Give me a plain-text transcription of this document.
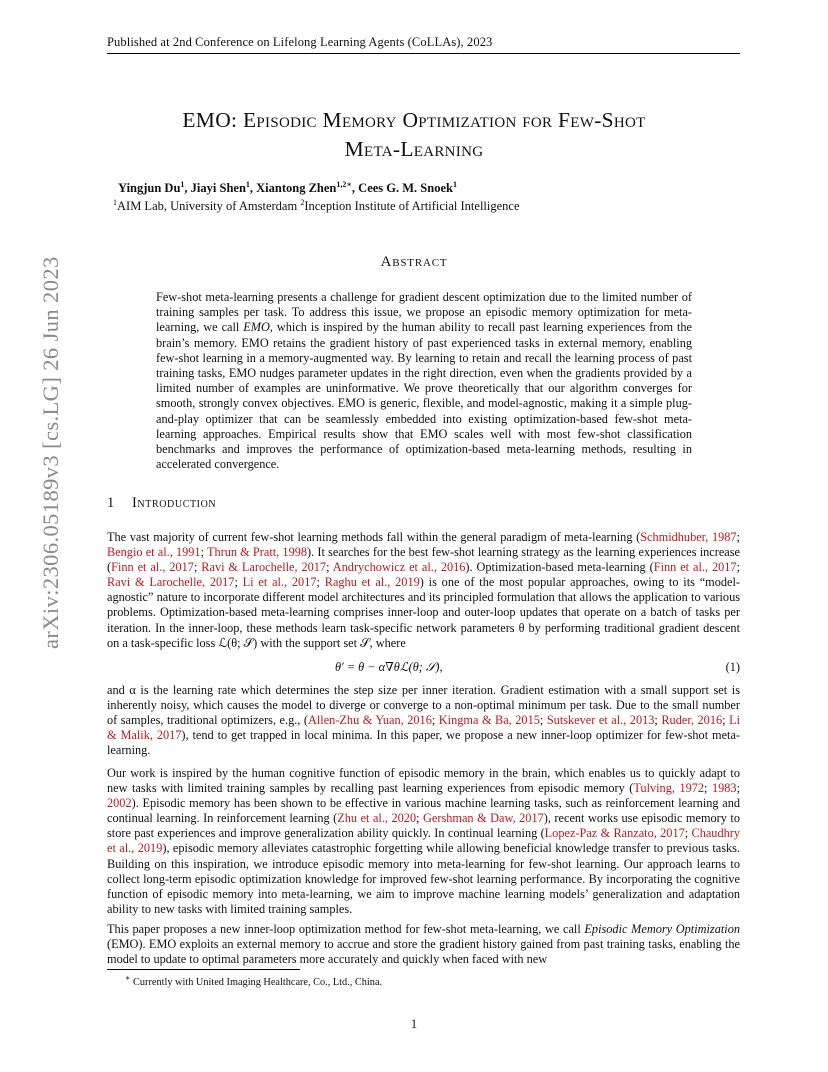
Published at 2nd Conference on Lifelong Learning Agents (CoLLAs), 2023
arXiv:2306.05189v3 [cs.LG] 26 Jun 2023
EMO: Episodic Memory Optimization for Few-Shot
Meta-Learning
Yingjun Du$^1$, Jiayi Shen$^1$, Xiantong Zhen$^{1,2∗}$, Cees G. M. Snoek$^1$
$^1$AIM Lab, University of Amsterdam $^2$Inception Institute of Artificial Intelligence
Abstract
Few-shot meta-learning presents a challenge for gradient descent optimization due to the limited number of training samples per task. To address this issue, we propose an episodic memory optimization for meta-learning, we call EMO, which is inspired by the human ability to recall past learning experiences from the brain’s memory. EMO retains the gradient history of past experienced tasks in external memory, enabling few-shot learning in a memory-augmented way. By learning to retain and recall the learning process of past training tasks, EMO nudges parameter updates in the right direction, even when the gradients provided by a limited number of examples are uninformative. We prove theoretically that our algorithm converges for smooth, strongly convex objectives. EMO is generic, flexible, and model-agnostic, making it a simple plug-and-play optimizer that can be seamlessly embedded into existing optimization-based few-shot meta-learning approaches. Empirical results show that EMO scales well with most few-shot classification benchmarks and improves the performance of optimization-based meta-learning methods, resulting in accelerated convergence.
1 Introduction
The vast majority of current few-shot learning methods fall within the general paradigm of meta-learning (Schmidhuber, 1987; Bengio et al., 1991; Thrun & Pratt, 1998). It searches for the best few-shot learning strategy as the learning experiences increase (Finn et al., 2017; Ravi & Larochelle, 2017; Andrychowicz et al., 2016). Optimization-based meta-learning (Finn et al., 2017; Ravi & Larochelle, 2017; Li et al., 2017; Raghu et al., 2019) is one of the most popular approaches, owing to its “model-agnostic” nature to incorporate different model architectures and its principled formulation that allows the application to various problems. Optimization-based meta-learning comprises inner-loop and outer-loop updates that operate on a batch of tasks per iteration. In the inner-loop, these methods learn task-specific network parameters θ by performing traditional gradient descent on a task-specific loss ℒ(θ; 𝒮) with the support set 𝒮, where
θ′ = θ − α∇θℒ(θ; 𝒮),	(1)
and α is the learning rate which determines the step size per inner iteration. Gradient estimation with a small support set is inherently noisy, which causes the model to diverge or converge to a non-optimal minimum per task. Due to the small number of samples, traditional optimizers, e.g., (Allen-Zhu & Yuan, 2016; Kingma & Ba, 2015; Sutskever et al., 2013; Ruder, 2016; Li & Malik, 2017), tend to get trapped in local minima. In this paper, we propose a new inner-loop optimizer for few-shot meta-learning.
Our work is inspired by the human cognitive function of episodic memory in the brain, which enables us to quickly adapt to new tasks with limited training samples by recalling past learning experiences from episodic memory (Tulving, 1972; 1983; 2002). Episodic memory has been shown to be effective in various machine learning tasks, such as reinforcement learning and continual learning. In reinforcement learning (Zhu et al., 2020; Gershman & Daw, 2017), recent works use episodic memory to store past experiences and improve generalization ability quickly. In continual learning (Lopez-Paz & Ranzato, 2017; Chaudhry et al., 2019), episodic memory alleviates catastrophic forgetting while allowing beneficial knowledge transfer to previous tasks. Building on this inspiration, we introduce episodic memory into meta-learning for few-shot learning. Our approach learns to collect long-term episodic optimization knowledge for improved few-shot learning performance. By incorporating the cognitive function of episodic memory into meta-learning, we aim to improve machine learning models’ generalization and adaptation ability to new tasks with limited training samples.
This paper proposes a new inner-loop optimization method for few-shot meta-learning, we call Episodic Memory Optimization (EMO). EMO exploits an external memory to accrue and store the gradient history gained from past training tasks, enabling the model to update to optimal parameters more accurately and quickly when faced with new
∗ Currently with United Imaging Healthcare, Co., Ltd., China.
1
